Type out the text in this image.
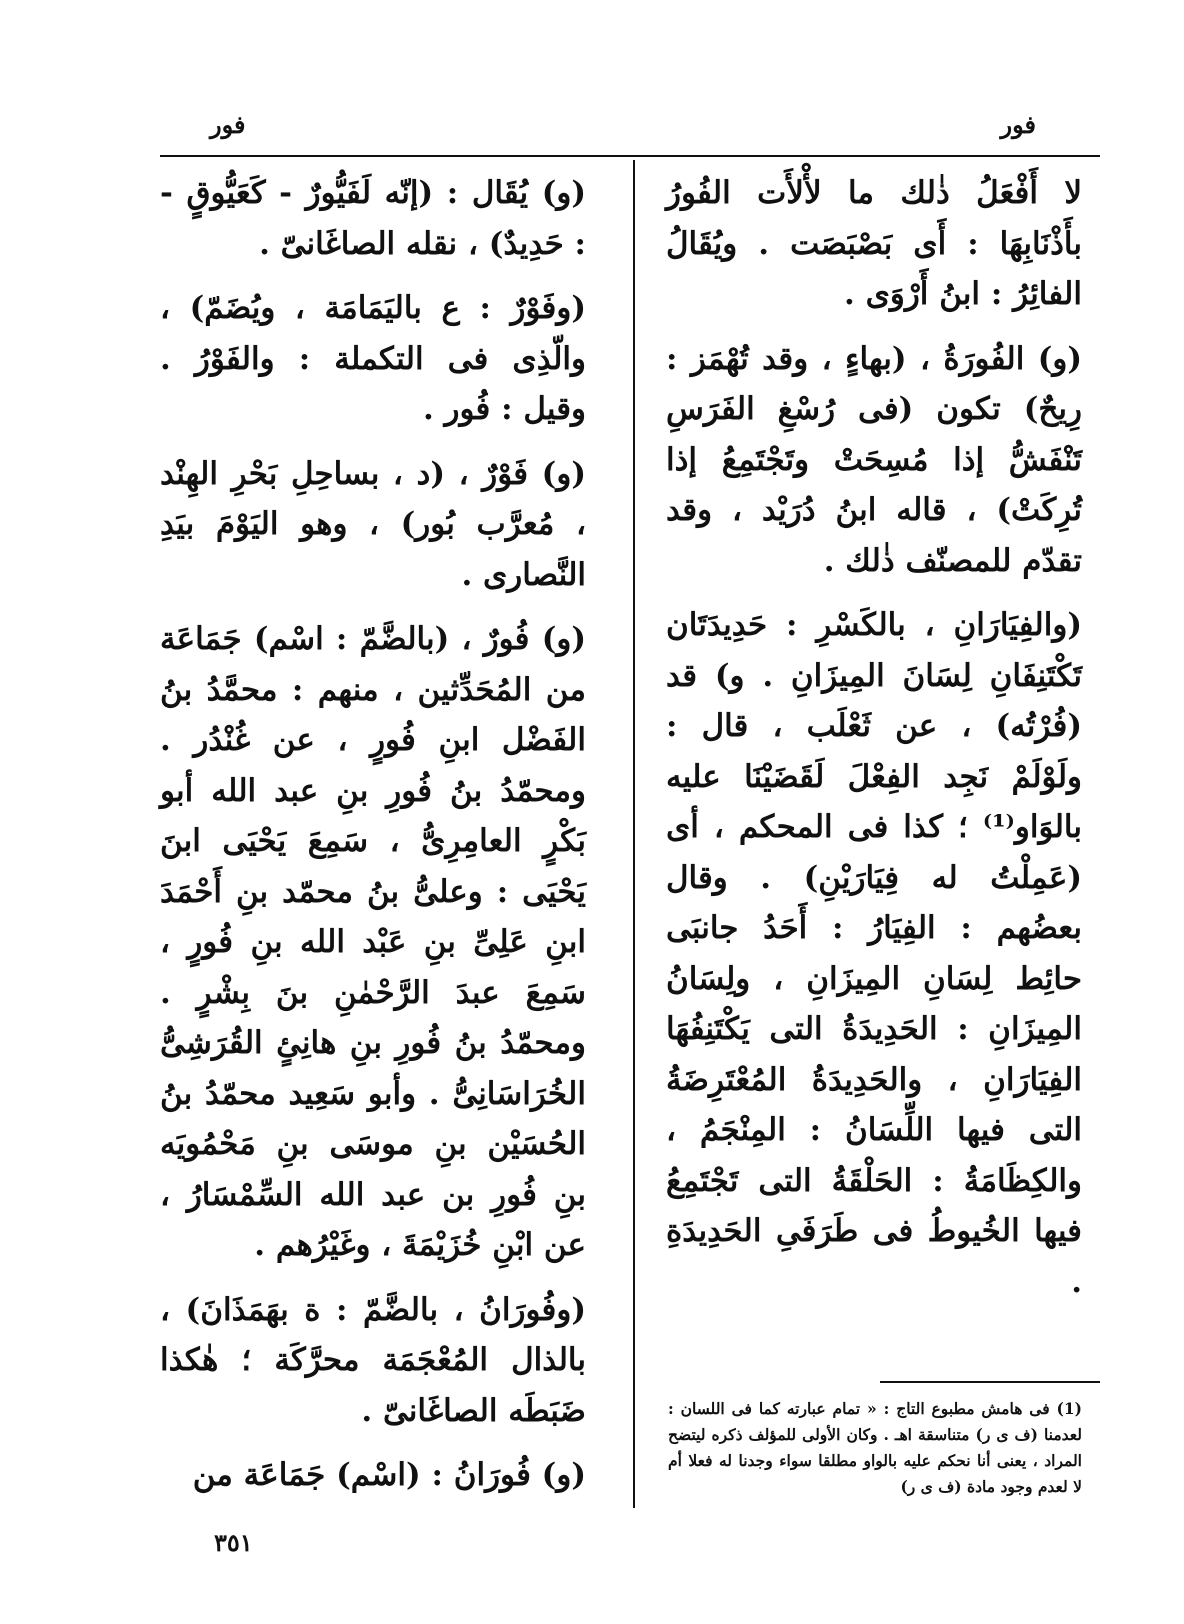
فور
فور

لا أَفْعَلُ ذٰلك ما لأْلأَت الفُورُ بأَذْنَابِهَا : أَى بَصْبَصَت . ويُقَالُ الفائِرُ : ابنُ أَرْوَى .

(و) الفُورَةُ ، (بهاءٍ ، وقد تُهْمَز : رِيحٌ) تكون (فى رُسْغِ الفَرَسِ تَنْفَشُّ إذا مُسِحَتْ وتَجْتَمِعُ إذا تُرِكَتْ) ، قاله ابنُ دُرَيْد ، وقد تقدّم للمصنّف ذٰلك .

(والفِيَارَانِ ، بالكَسْرِ : حَدِيدَتَان تَكْتَنِفَانِ لِسَانَ المِيزَانِ . و) قد (فُرْتُه) ، عن ثَعْلَب ، قال : ولَوْلَمْ نَجِد الفِعْلَ لَقَضَيْنَا عليه بالوَاو⁽¹⁾ ؛ كذا فى المحكم ، أى (عَمِلْتُ له فِيَارَيْنِ) . وقال بعضُهم : الفِيَارُ : أَحَدُ جانبَى حائِط لِسَانِ المِيزَانِ ، ولِسَانُ المِيزَانِ : الحَدِيدَةُ التى يَكْتَنِفُهَا الفِيَارَانِ ، والحَدِيدَةُ المُعْتَرِضَةُ التى فيها اللِّسَانُ : المِنْجَمُ ، والكِظَامَةُ : الحَلْقَةُ التى تَجْتَمِعُ فيها الخُيوطُ فى طَرَفَىِ الحَدِيدَةِ .

(1) فى هامش مطبوع التاج : « تمام عبارته كما فى اللسان : لعدمنا (ف ى ر) متناسقة اهـ . وكان الأولى للمؤلف ذكره ليتضح المراد ، يعنى أنا نحكم عليه بالواو مطلقا سواء وجدنا له فعلا أم لا لعدم وجود مادة (ف ى ر)

(و) يُقَال : (إنّه لَفَيُّورٌ - كَعَيُّوقٍ - : حَدِيدٌ) ، نقله الصاغَانىّ .

(وفَوْرٌ : ع باليَمَامَة ، ويُضَمّ) ، والّذِى فى التكملة : والفَوْرُ . وقيل : فُور .

(و) فَوْرٌ ، (د ، بساحِلِ بَحْرِ الهِنْد ، مُعرَّب بُور) ، وهو اليَوْمَ بيَدِ النَّصارى .

(و) فُورٌ ، (بالضَّمّ : اسْم) جَمَاعَة من المُحَدِّثين ، منهم : محمَّدُ بنُ الفَضْل ابنِ فُورٍ ، عن غُنْدُر . ومحمّدُ بنُ فُورِ بنِ عبد الله أبو بَكْرٍ العامِرِىُّ ، سَمِعَ يَحْيَى ابنَ يَحْيَى : وعلىُّ بنُ محمّد بنِ أَحْمَدَ ابنِ عَلِىِّ بنِ عَبْد الله بنِ فُورٍ ، سَمِعَ عبدَ الرَّحْمٰنِ بنَ بِشْرٍ . ومحمّدُ بنُ فُورِ بنِ هانِئٍ القُرَشِىُّ الخُرَاسَانِىُّ . وأبو سَعِيد محمّدُ بنُ الحُسَيْن بنِ موسَى بنِ مَحْمُويَه بنِ فُورِ بن عبد الله السِّمْسَارُ ، عن ابْنِ خُزَيْمَةَ ، وغَيْرُهم .

(وفُورَانُ ، بالضَّمّ : ة بهَمَذَانَ) ، بالذال المُعْجَمَة محرَّكَة ؛ هٰكذا ضَبَطَه الصاغَانىّ .

(و) فُورَانُ : (اسْم) جَمَاعَة من

٣٥١
